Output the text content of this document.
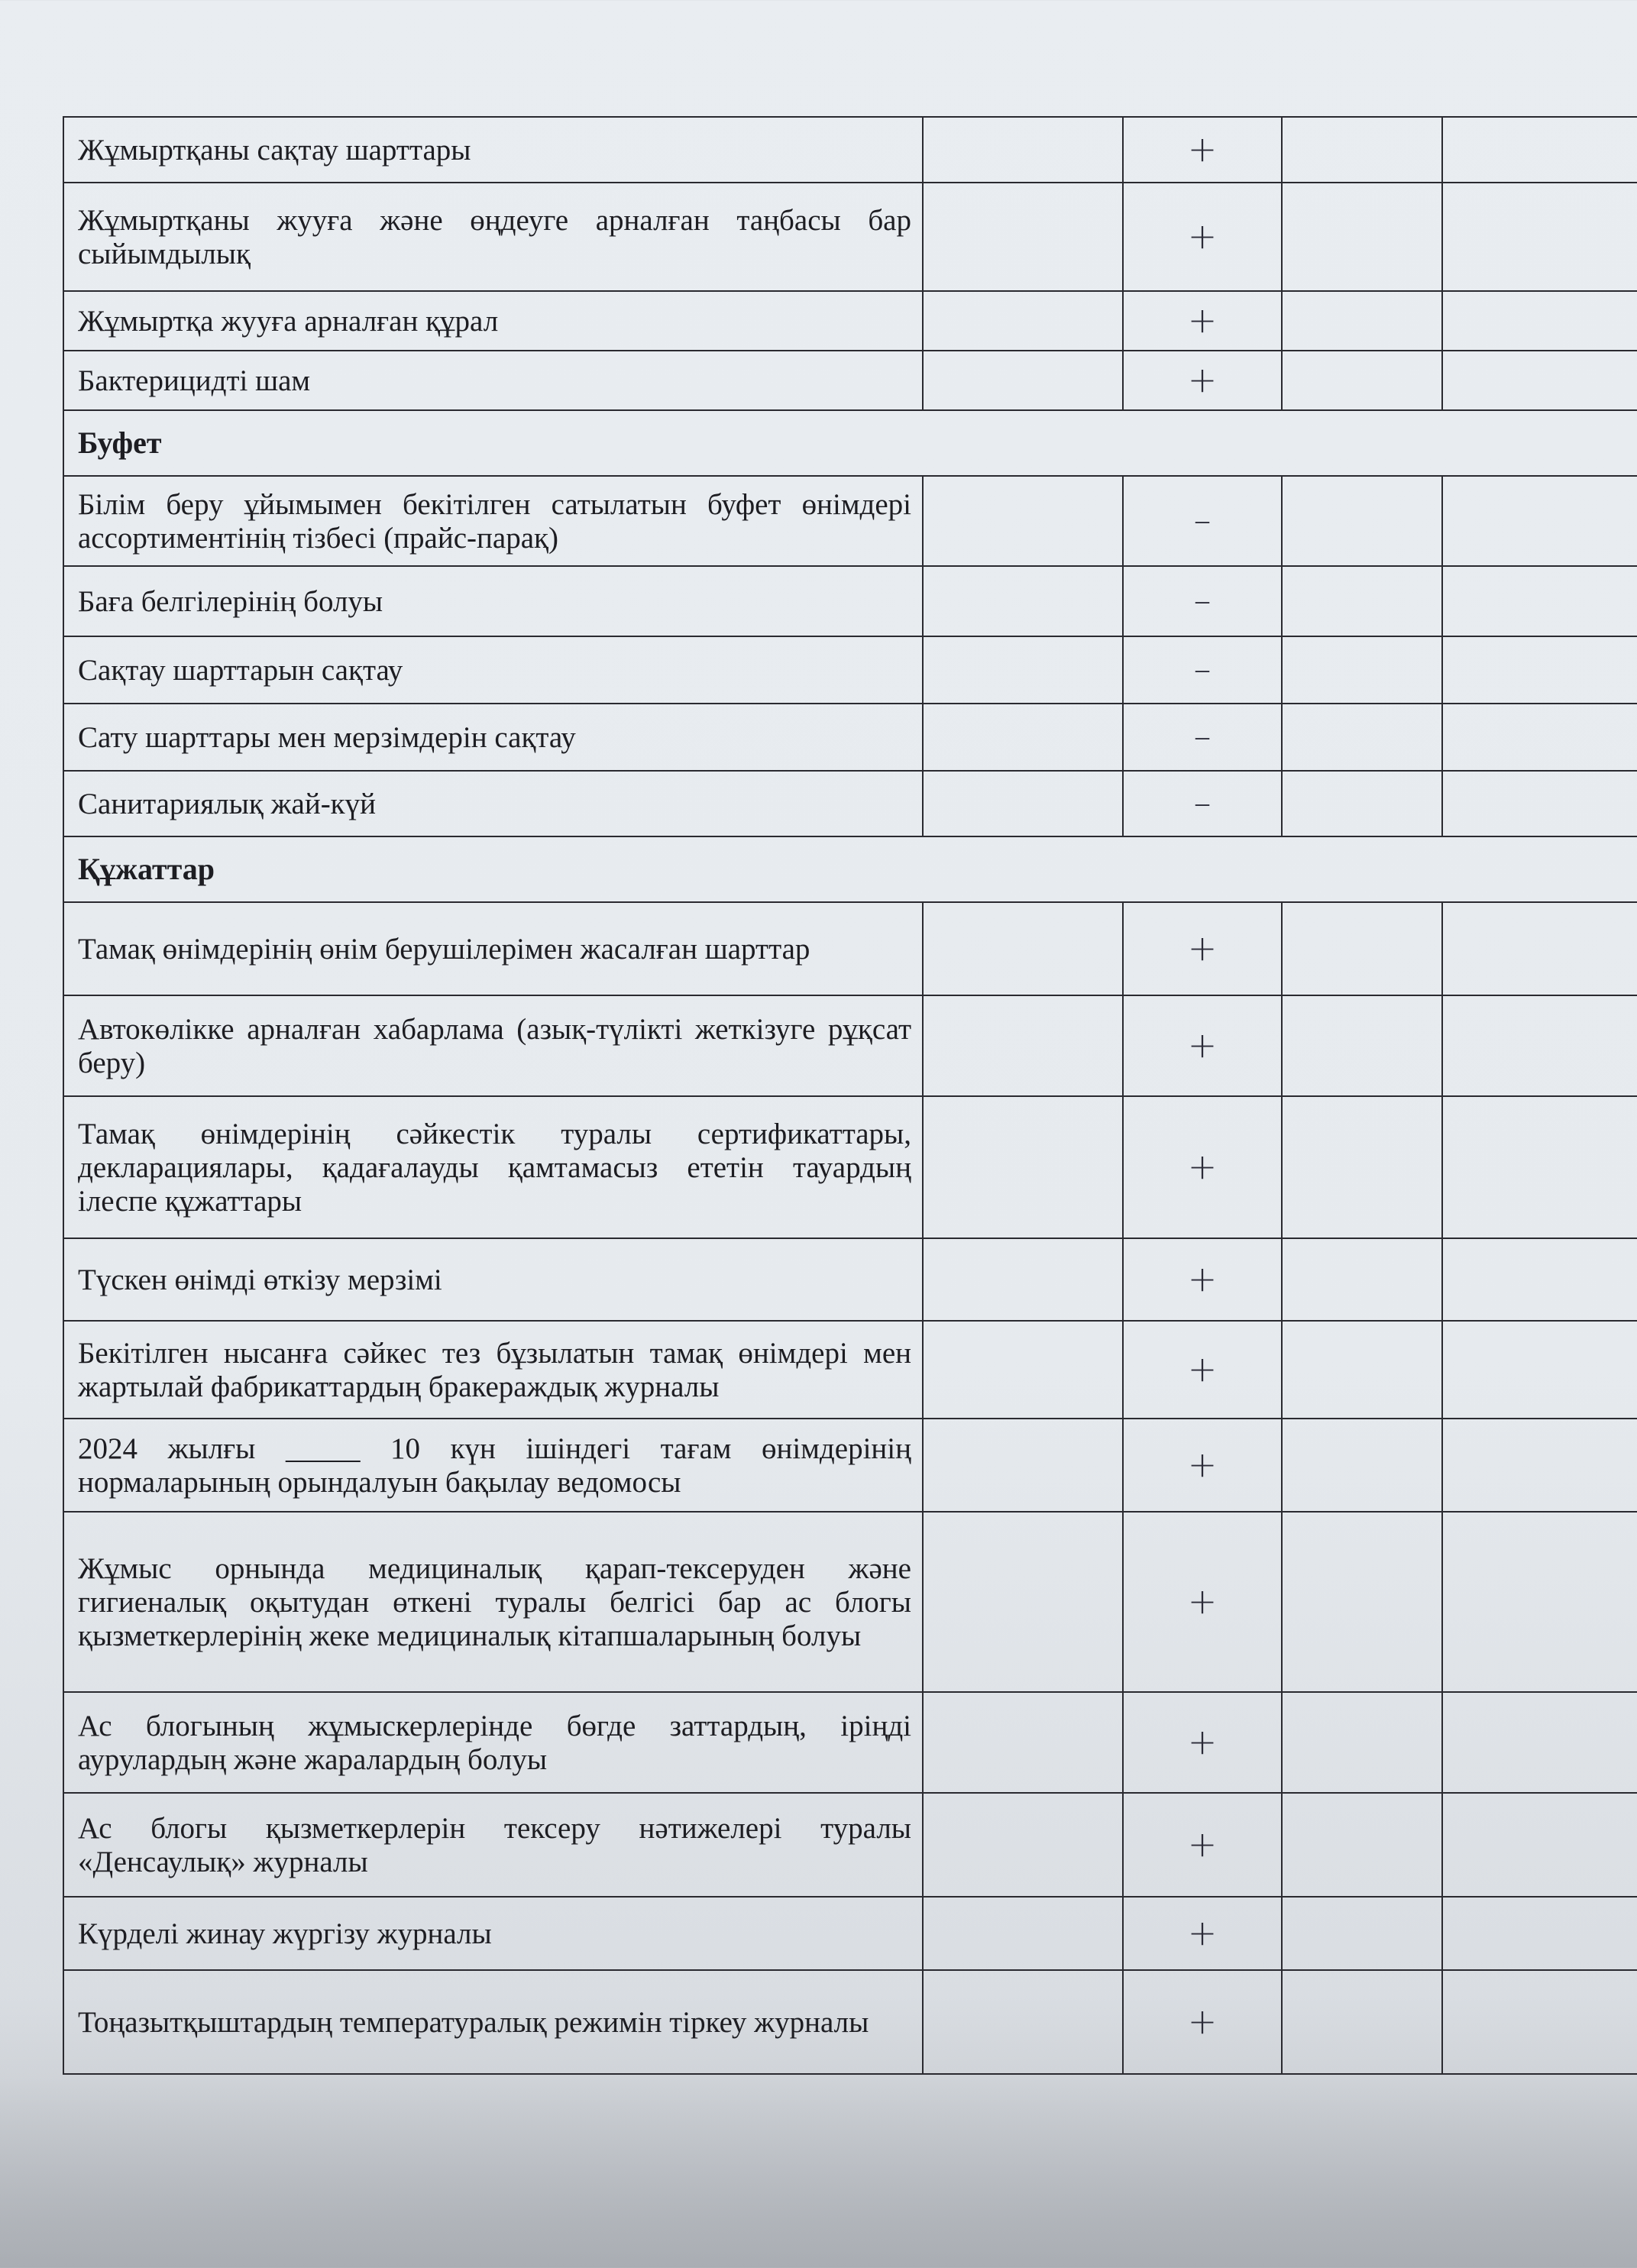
Жұмыртқаны сақтау шарттары		+		
Жұмыртқаны жууға және өңдеуге арналған таңбасы бар сыйымдылық		+		
Жұмыртқа жууға арналған құрал		+		
Бактерицидті шам		+		
Буфет				
Білім беру ұйымымен бекітілген сатылатын буфет өнімдері ассортиментінің тізбесі (прайс-парақ)		–		
Баға белгілерінің болуы		–		
Сақтау шарттарын сақтау		–		
Сату шарттары мен мерзімдерін сақтау		–		
Санитариялық жай-күй		–		
Құжаттар				
Тамақ өнімдерінің өнім берушілерімен жасалған шарттар		+		
Автокөлікке арналған хабарлама (азық-түлікті жеткізуге рұқсат беру)		+		
Тамақ өнімдерінің сәйкестік туралы сертификаттары, декларациялары, қадағалауды қамтамасыз ететін тауардың ілеспе құжаттары		+		
Түскен өнімді өткізу мерзімі		+		
Бекітілген нысанға сәйкес тез бұзылатын тамақ өнімдері мен жартылай фабрикаттардың бракераждық журналы		+		
2024 жылғы _____ 10 күн ішіндегі тағам өнімдерінің нормаларының орындалуын бақылау ведомосы		+		
Жұмыс орнында медициналық қарап-тексеруден және гигиеналық оқытудан өткені туралы белгісі бар ас блогы қызметкерлерінің жеке медициналық кітапшаларының болуы		+		
Ас блогының жұмыскерлерінде бөгде заттардың, іріңді аурулардың және жаралардың болуы		+		
Ас блогы қызметкерлерін тексеру нәтижелері туралы «Денсаулық» журналы		+		
Күрделі жинау жүргізу журналы		+		
Тоңазытқыштардың температуралық режимін тіркеу журналы		+		
